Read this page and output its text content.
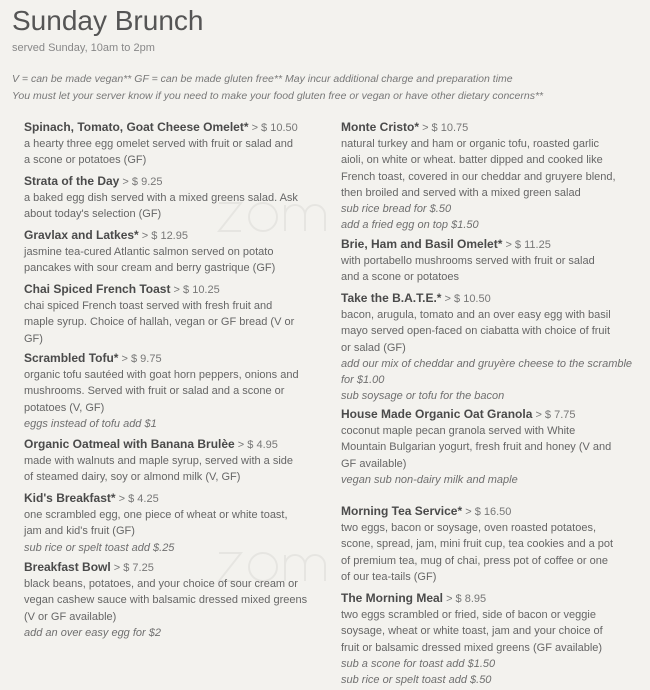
Sunday Brunch
served Sunday, 10am to 2pm
V = can be made vegan** GF = can be made gluten free** May incur additional charge and preparation time
You must let your server know if you need to make your food gluten free or vegan or have other dietary concerns**
Spinach, Tomato, Goat Cheese Omelet* > $ 10.50
a hearty three egg omelet served with fruit or salad and
a scone or potatoes (GF)
Strata of the Day > $ 9.25
a baked egg dish served with a mixed greens salad. Ask
about today's selection (GF)
Gravlax and Latkes* > $ 12.95
jasmine tea-cured Atlantic salmon served on potato
pancakes with sour cream and berry gastrique (GF)
Chai Spiced French Toast > $ 10.25
chai spiced French toast served with fresh fruit and
maple syrup. Choice of hallah, vegan or GF bread (V or
GF)
Scrambled Tofu* > $ 9.75
organic tofu sautéed with goat horn peppers, onions and
mushrooms. Served with fruit or salad and a scone or
potatoes (V, GF)
eggs instead of tofu add $1
Organic Oatmeal with Banana Brulèe > $ 4.95
made with walnuts and maple syrup, served with a side
of steamed dairy, soy or almond milk (V, GF)
Kid's Breakfast* > $ 4.25
one scrambled egg, one piece of wheat or white toast,
jam and kid's fruit (GF)
sub rice or spelt toast add $.25
Breakfast Bowl > $ 7.25
black beans, potatoes, and your choice of sour cream or
vegan cashew sauce with balsamic dressed mixed greens
(V or GF available)
add an over easy egg for $2
Monte Cristo* > $ 10.75
natural turkey and ham or organic tofu, roasted garlic
aioli, on white or wheat. batter dipped and cooked like
French toast, covered in our cheddar and gruyere blend,
then broiled and served with a mixed green salad
sub rice bread for $.50
add a fried egg on top $1.50
Brie, Ham and Basil Omelet* > $ 11.25
with portabello mushrooms served with fruit or salad
and a scone or potatoes
Take the B.A.T.E.* > $ 10.50
bacon, arugula, tomato and an over easy egg with basil
mayo served open-faced on ciabatta with choice of fruit
or salad (GF)
add our mix of cheddar and gruyère cheese to the scramble
for $1.00
sub soysage or tofu for the bacon
House Made Organic Oat Granola > $ 7.75
coconut maple pecan granola served with White
Mountain Bulgarian yogurt, fresh fruit and honey (V and
GF available)
vegan sub non-dairy milk and maple
Morning Tea Service* > $ 16.50
two eggs, bacon or soysage, oven roasted potatoes,
scone, spread, jam, mini fruit cup, tea cookies and a pot
of premium tea, mug of chai, press pot of coffee or one
of our tea-tails (GF)
The Morning Meal > $ 8.95
two eggs scrambled or fried, side of bacon or veggie
soysage, wheat or white toast, jam and your choice of
fruit or balsamic dressed mixed greens (GF available)
sub a scone for toast add $1.50
sub rice or spelt toast add $.50
